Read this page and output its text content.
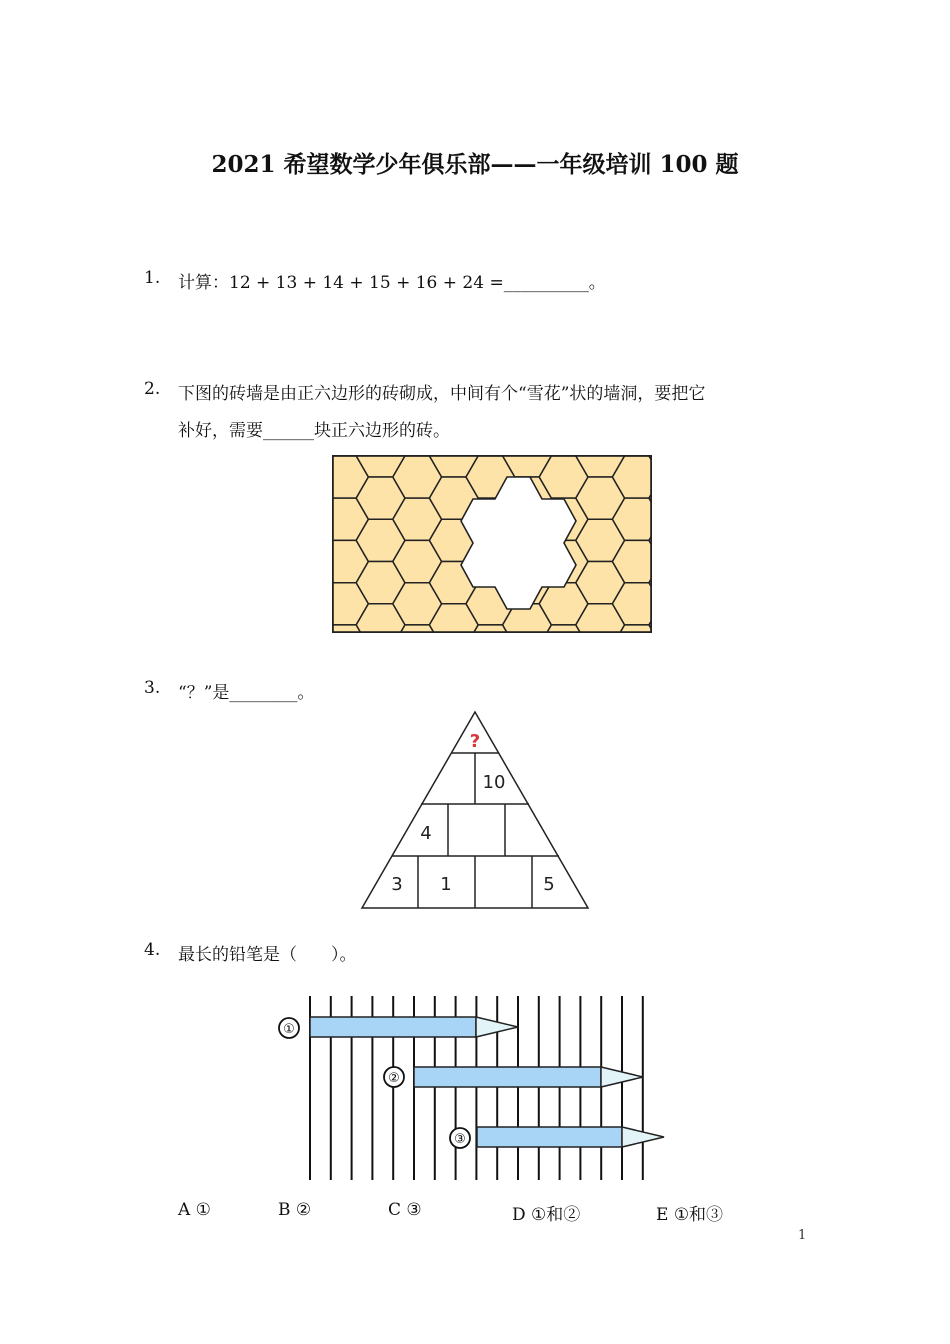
2021 希望数学少年俱乐部——一年级培训 100 题
1. 计算：12 + 13 + 14 + 15 + 16 + 24 =__________。
2. 下图的砖墙是由正六边形的砖砌成，中间有个“雪花”状的墙洞，要把它
补好，需要______块正六边形的砖。
3. “？”是________。
?
10
4
3 1	5
4. 最长的铅笔是（　　）。
①
②
③
A ①	B ②	C ③	D ①和②	E ①和③
1
